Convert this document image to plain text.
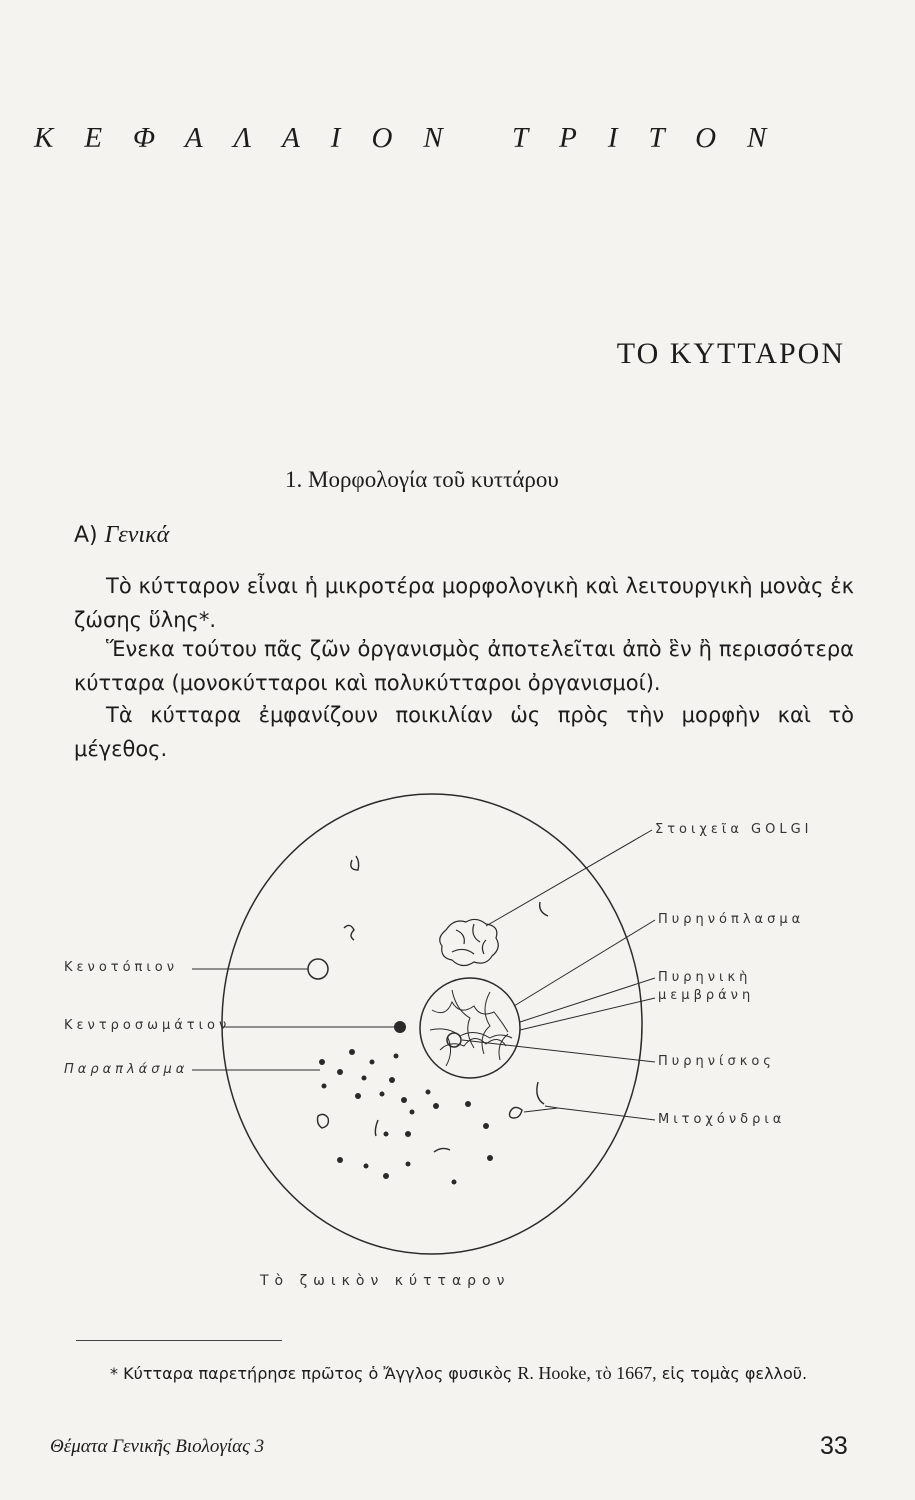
ΚΕΦΑΛΑΙΟΝ ΤΡΙΤΟΝ
ΤΟ ΚΥΤΤΑΡΟΝ
1. Μορφολογία τοῦ κυττάρου
Α) Γενικά
Τὸ κύτταρον εἶναι ἡ μικροτέρα μορφολογικὴ καὶ λειτουργικὴ μονὰς ἐκ ζώσης ὕλης*.
Ἕνεκα τούτου πᾶς ζῶν ὀργανισμὸς ἀποτελεῖται ἀπὸ ἓν ἢ περισσότερα κύτταρα (μονοκύτταροι καὶ πολυκύτταροι ὀργανισμοί).
Τὰ κύτταρα ἐμφανίζουν ποικιλίαν ὡς πρὸς τὴν μορφὴν καὶ τὸ μέγεθος.
Στοιχεῖα GOLGI
Πυρηνόπλασμα
Πυρηνικὴ
μεμβράνη
Πυρηνίσκος
Μιτοχόνδρια
Κενοτόπιον
Κεντροσωμάτιον
Παραπλάσμα
Τὸ ζωικὸν κύτταρον
* Κύτταρα παρετήρησε πρῶτος ὁ Ἄγγλος φυσικὸς R. Hooke, τὸ 1667, εἰς τομὰς φελλοῦ.
Θέματα Γενικῆς Βιολογίας 3	33
